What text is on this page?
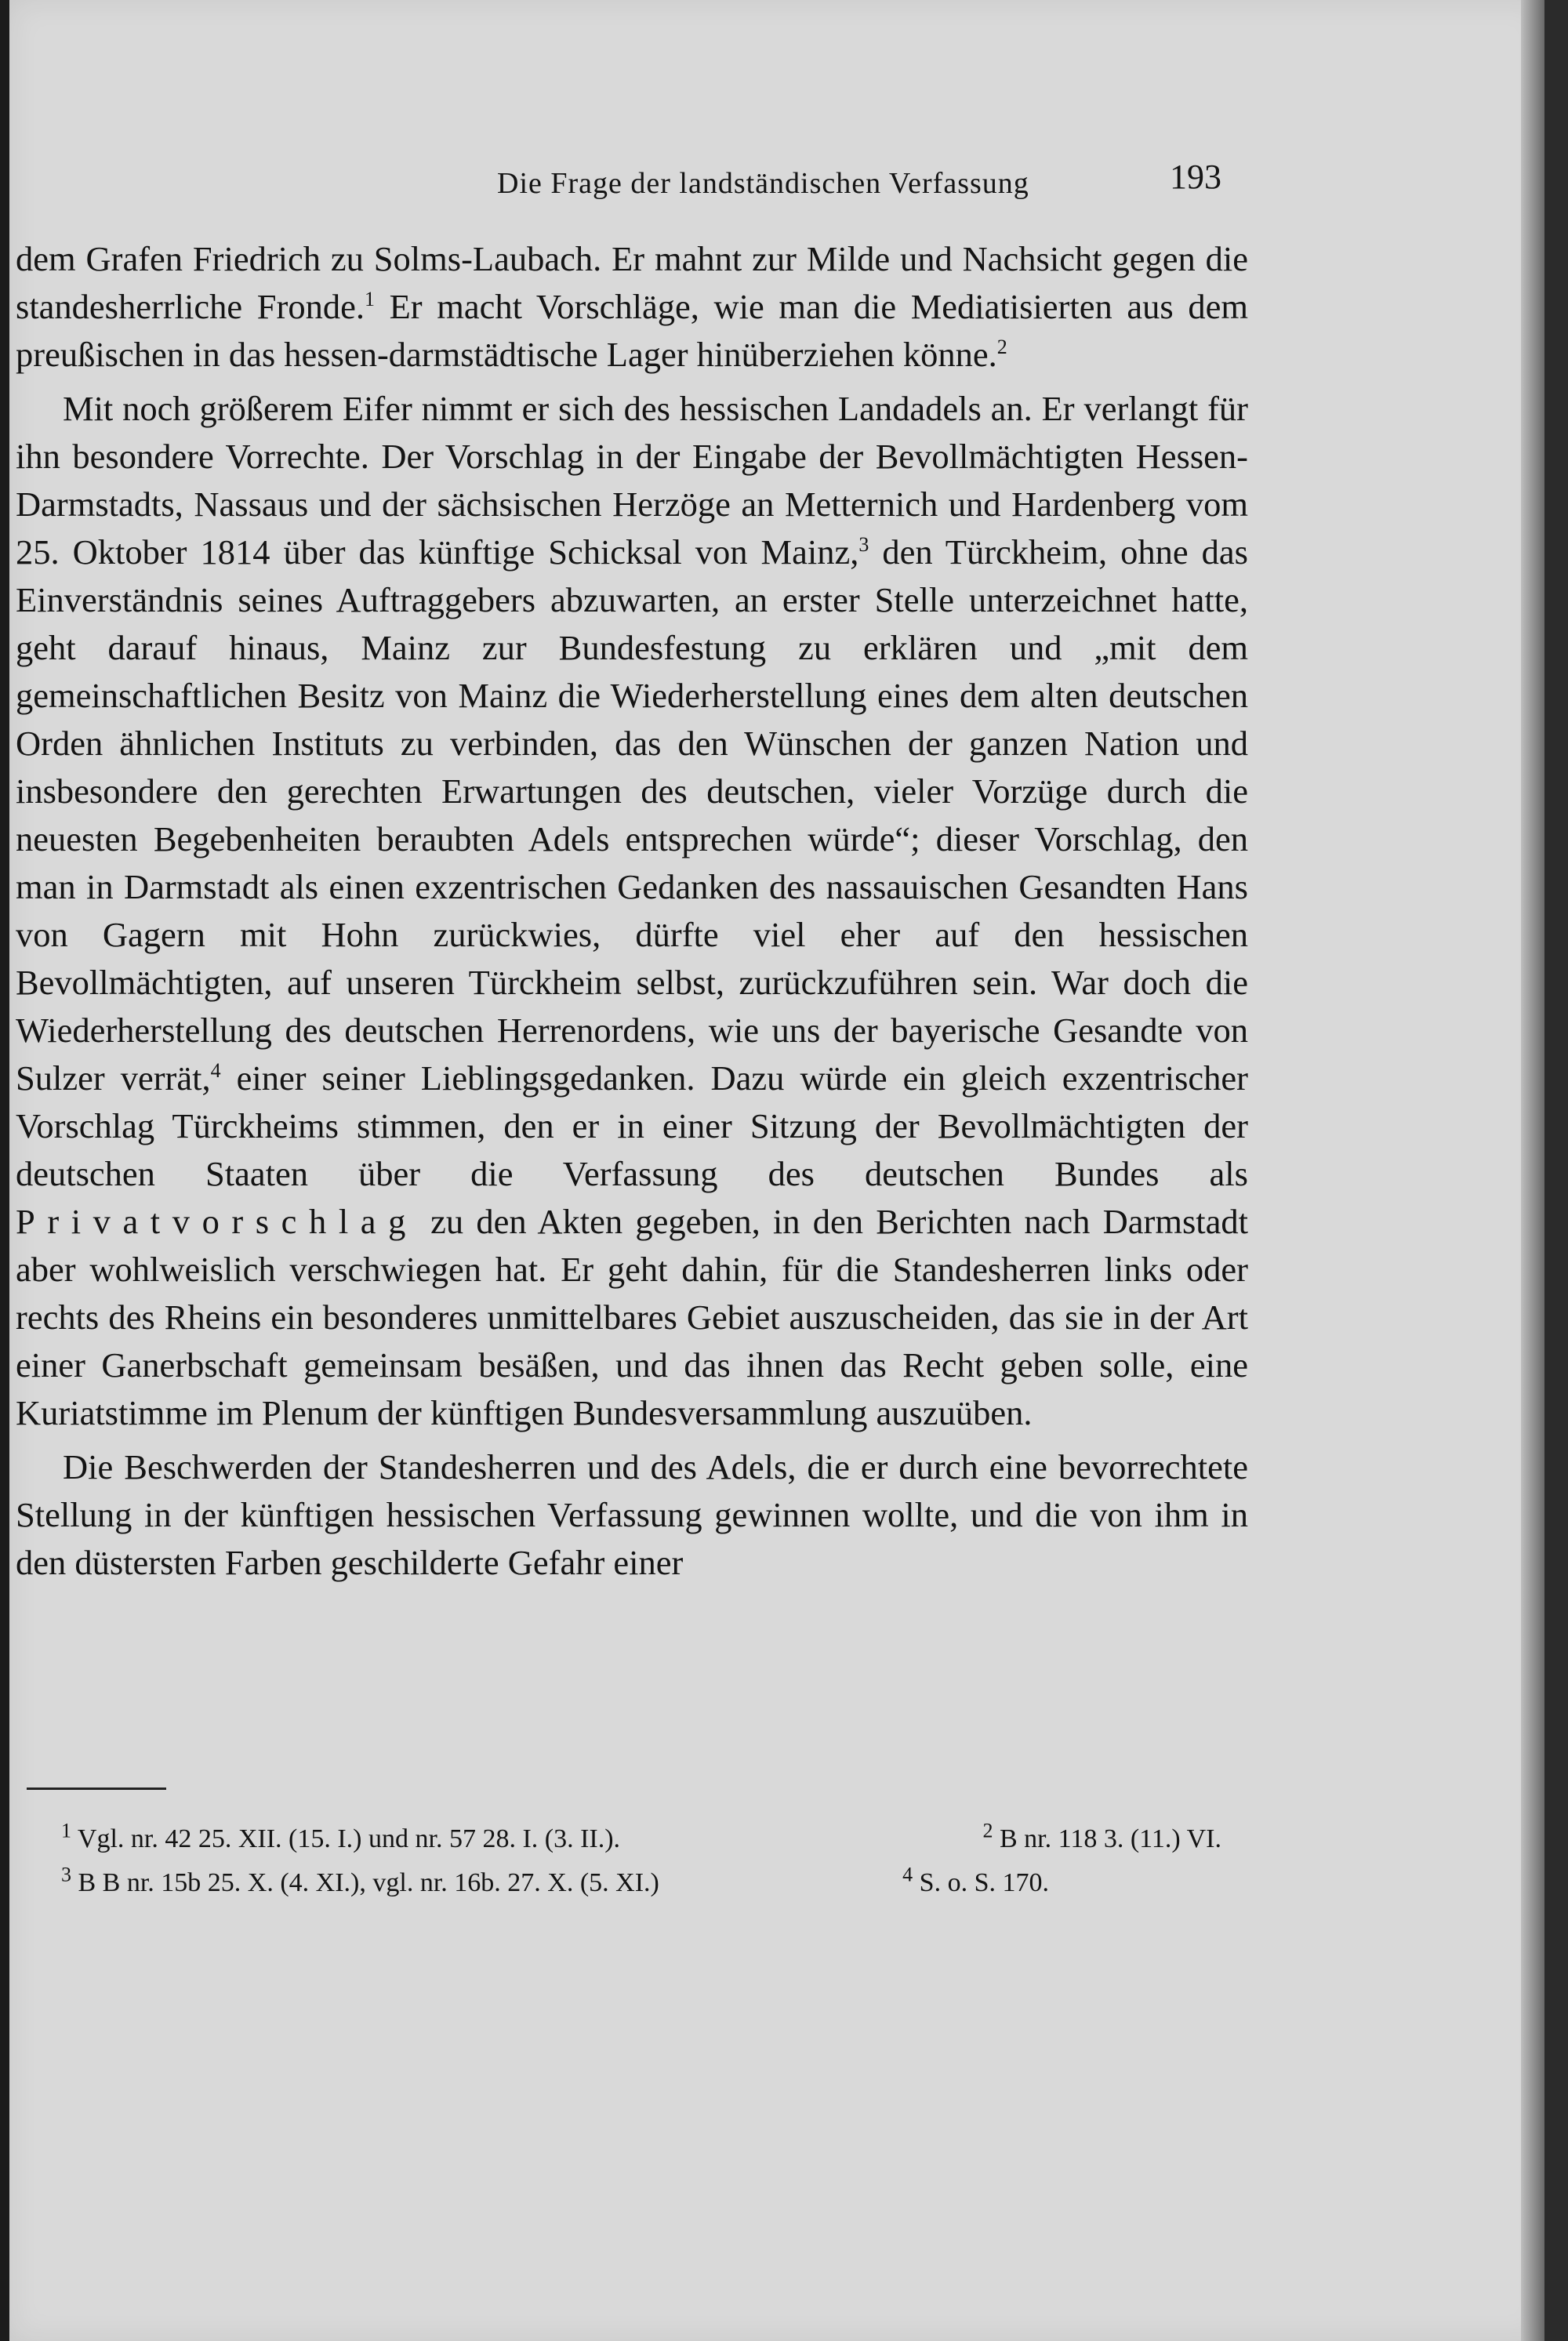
Die Frage der landständischen Verfassung	193

dem Grafen Friedrich zu Solms-Laubach. Er mahnt zur Milde und Nachsicht gegen die standesherrliche Fronde.$^1$ Er macht Vorschläge, wie man die Mediatisierten aus dem preußischen in das hessen-darmstädtische Lager hinüberziehen könne.$^2$

Mit noch größerem Eifer nimmt er sich des hessischen Landadels an. Er verlangt für ihn besondere Vorrechte. Der Vorschlag in der Eingabe der Bevollmächtigten Hessen-Darmstadts, Nassaus und der sächsischen Herzöge an Metternich und Hardenberg vom 25. Oktober 1814 über das künftige Schicksal von Mainz,$^3$ den Türckheim, ohne das Einverständnis seines Auftraggebers abzuwarten, an erster Stelle unterzeichnet hatte, geht darauf hinaus, Mainz zur Bundesfestung zu erklären und „mit dem gemeinschaftlichen Besitz von Mainz die Wiederherstellung eines dem alten deutschen Orden ähnlichen Instituts zu verbinden, das den Wünschen der ganzen Nation und insbesondere den gerechten Erwartungen des deutschen, vieler Vorzüge durch die neuesten Begebenheiten beraubten Adels entsprechen würde“; dieser Vorschlag, den man in Darmstadt als einen exzentrischen Gedanken des nassauischen Gesandten Hans von Gagern mit Hohn zurückwies, dürfte viel eher auf den hessischen Bevollmächtigten, auf unseren Türckheim selbst, zurückzuführen sein. War doch die Wiederherstellung des deutschen Herrenordens, wie uns der bayerische Gesandte von Sulzer verrät,$^4$ einer seiner Lieblingsgedanken. Dazu würde ein gleich exzentrischer Vorschlag Türckheims stimmen, den er in einer Sitzung der Bevollmächtigten der deutschen Staaten über die Verfassung des deutschen Bundes als Privatvorschlag zu den Akten gegeben, in den Berichten nach Darmstadt aber wohlweislich verschwiegen hat. Er geht dahin, für die Standesherren links oder rechts des Rheins ein besonderes unmittelbares Gebiet auszuscheiden, das sie in der Art einer Ganerbschaft gemeinsam besäßen, und das ihnen das Recht geben solle, eine Kuriatstimme im Plenum der künftigen Bundesversammlung auszuüben.

Die Beschwerden der Standesherren und des Adels, die er durch eine bevorrechtete Stellung in der künftigen hessischen Verfassung gewinnen wollte, und die von ihm in den düstersten Farben geschilderte Gefahr einer

$^1$ Vgl. nr. 42 25. XII. (15. I.) und nr. 57 28. I. (3. II.).	$^2$ B nr. 118 3. (11.) VI.
$^3$ B B nr. 15b 25. X. (4. XI.), vgl. nr. 16b. 27. X. (5. XI.)	$^4$ S. o. S. 170.
